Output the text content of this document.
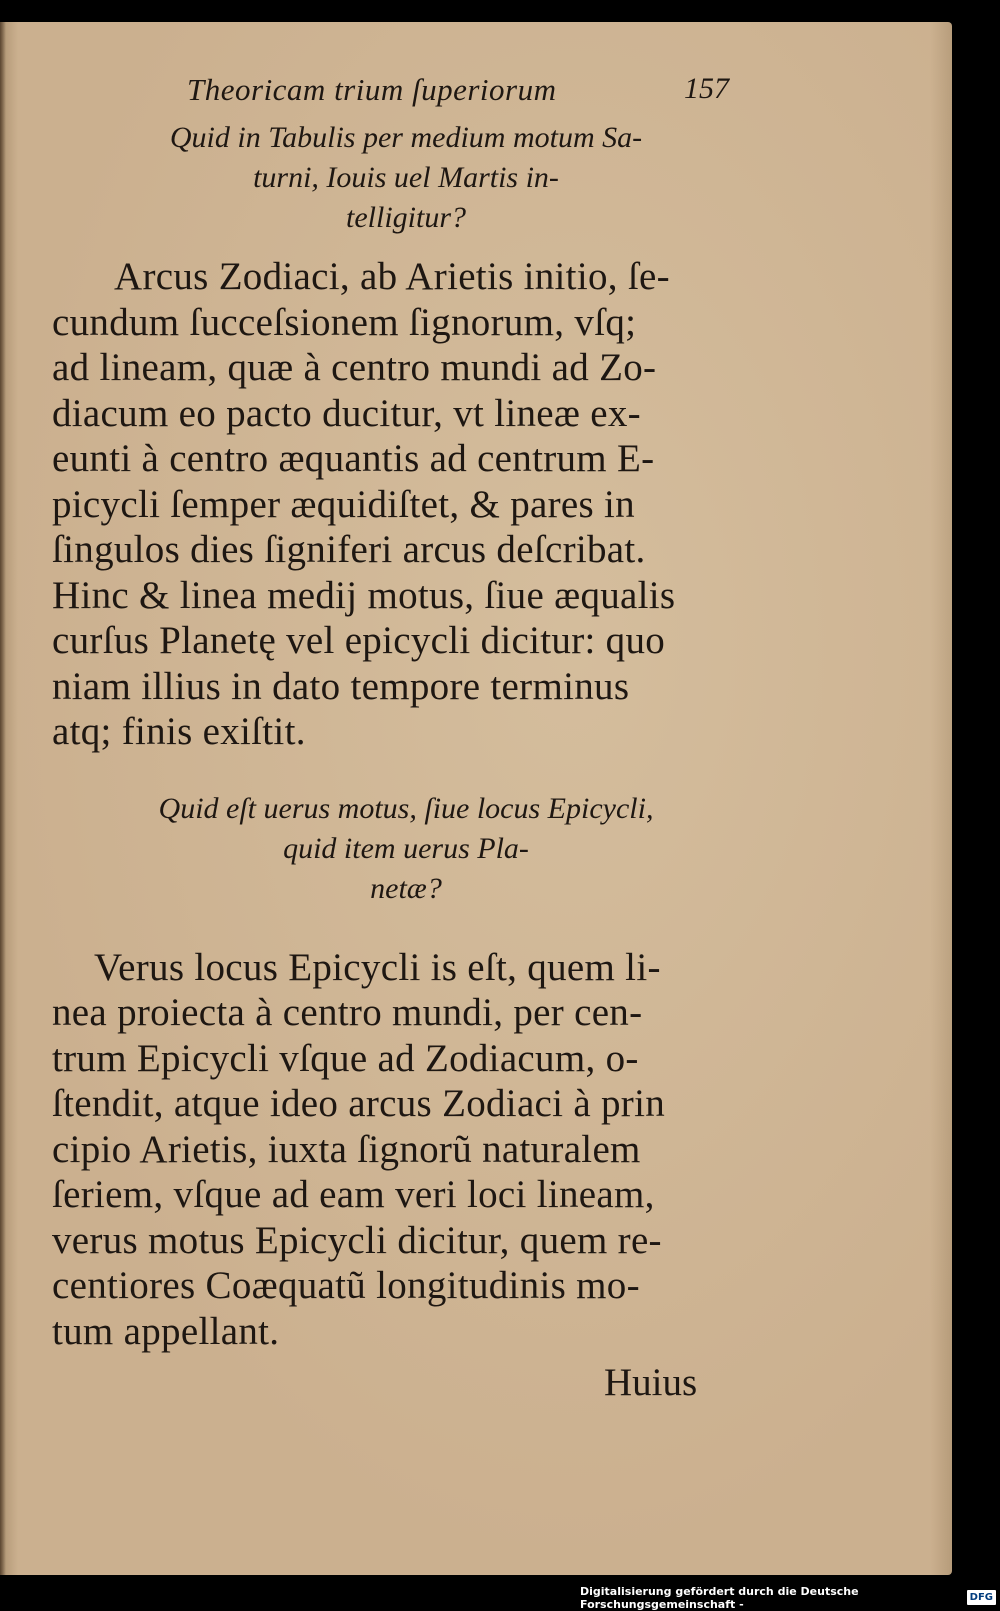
Theoricam trium ſuperiorum	157
Quid in Tabulis per medium motum Sa-
turni, Iouis uel Martis in-
telligitur?
Arcus Zodiaci, ab Arietis initio, ſe-
cundum ſucceſsionem ſignorum, vſq;
ad lineam, quæ à centro mundi ad Zo-
diacum eo pacto ducitur, vt lineæ ex-
eunti à centro æquantis ad centrum E-
picycli ſemper æquidiſtet, & pares in
ſingulos dies ſigniferi arcus deſcribat.
Hinc & linea medij motus, ſiue æqualis
curſus Planetę vel epicycli dicitur: quo
niam illius in dato tempore terminus
atq; finis exiſtit.
Quid eſt uerus motus, ſiue locus Epicycli,
quid item uerus Pla-
netæ?
Verus locus Epicycli is eſt, quem li-
nea proiecta à centro mundi, per cen-
trum Epicycli vſque ad Zodiacum, o-
ſtendit, atque ideo arcus Zodiaci à prin
cipio Arietis, iuxta ſignorũ naturalem
ſeriem, vſque ad eam veri loci lineam,
verus motus Epicycli dicitur, quem re-
centiores Coæquatũ longitudinis mo-
tum appellant.
Huius
Digitalisierung gefördert durch die Deutsche Forschungsgemeinschaft -	DFG
